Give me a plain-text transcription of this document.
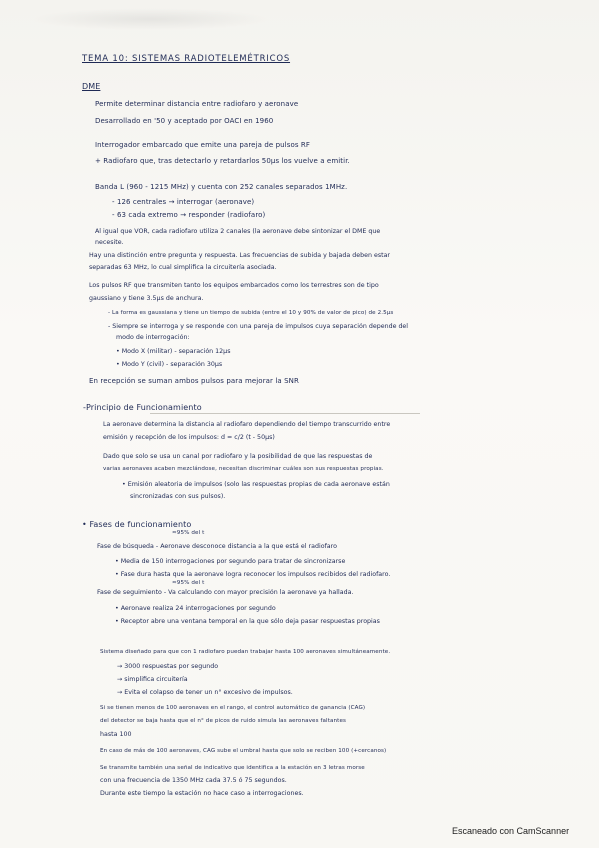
TEMA 10: SISTEMAS RADIOTELEMÉTRICOS
DME
Permite determinar distancia entre radiofaro y aeronave
Desarrollado en '50 y aceptado por OACI en 1960
Interrogador embarcado que emite una pareja de pulsos RF
+ Radiofaro que, tras detectarlo y retardarlos 50µs los vuelve a emitir.
Banda L (960 - 1215 MHz) y cuenta con 252 canales separados 1MHz.
- 126 centrales → interrogar (aeronave)
- 63 cada extremo → responder (radiofaro)
Al igual que VOR, cada radiofaro utiliza 2 canales (la aeronave debe sintonizar el DME que
necesite.
Hay una distinción entre pregunta y respuesta. Las frecuencias de subida y bajada deben estar
separadas 63 MHz, lo cual simplifica la circuitería asociada.
Los pulsos RF que transmiten tanto los equipos embarcados como los terrestres son de tipo
gaussiano y tiene 3.5µs de anchura.
- La forma es gaussiana y tiene un tiempo de subida (entre el 10 y 90% de valor de pico) de 2.5µs
- Siempre se interroga y se responde con una pareja de impulsos cuya separación depende del
modo de interrogación:
• Modo X (militar) - separación 12µs
• Modo Y (civil) - separación 30µs
En recepción se suman ambos pulsos para mejorar la SNR
-Principio de Funcionamiento
La aeronave determina la distancia al radiofaro dependiendo del tiempo transcurrido entre
emisión y recepción de los impulsos: d = c/2 (t - 50µs)
Dado que solo se usa un canal por radiofaro y la posibilidad de que las respuestas de
varias aeronaves acaben mezclándose, necesitan discriminar cuáles son sus respuestas propias.
• Emisión aleatoria de impulsos (solo las respuestas propias de cada aeronave están
sincronizadas con sus pulsos).
• Fases de funcionamiento
≈95% del t
Fase de búsqueda - Aeronave desconoce distancia a la que está el radiofaro
• Media de 150 interrogaciones por segundo para tratar de sincronizarse
• Fase dura hasta que la aeronave logra reconocer los impulsos recibidos del radiofaro.
≈95% del t
Fase de seguimiento - Va calculando con mayor precisión la aeronave ya hallada.
• Aeronave realiza 24 interrogaciones por segundo
• Receptor abre una ventana temporal en la que sólo deja pasar respuestas propias
Sistema diseñado para que con 1 radiofaro puedan trabajar hasta 100 aeronaves simultáneamente.
→ 3000 respuestas por segundo
→ simplifica circuitería
→ Evita el colapso de tener un n° excesivo de impulsos.
Si se tienen menos de 100 aeronaves en el rango, el control automático de ganancia (CAG)
del detector se baja hasta que el n° de picos de ruido simula las aeronaves faltantes
hasta 100
En caso de más de 100 aeronaves, CAG sube el umbral hasta que solo se reciben 100 (+cercanos)
Se transmite también una señal de indicativo que identifica a la estación en 3 letras morse
con una frecuencia de 1350 MHz cada 37.5 ó 75 segundos.
Durante este tiempo la estación no hace caso a interrogaciones.
Escaneado con CamScanner
